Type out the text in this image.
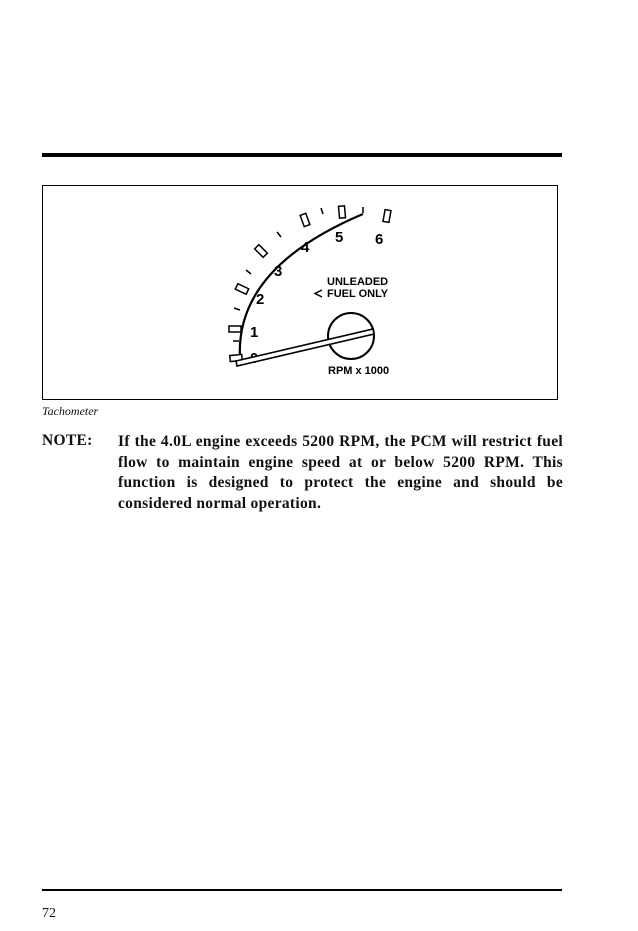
1
2
3
4
5 6
UNLEADED
FUEL ONLY
RPM x 1000
Tachometer
NOTE: If the 4.0L engine exceeds 5200 RPM, the PCM will restrict fuel flow to maintain engine speed at or below 5200 RPM. This function is designed to protect the engine and should be considered normal operation.
72
